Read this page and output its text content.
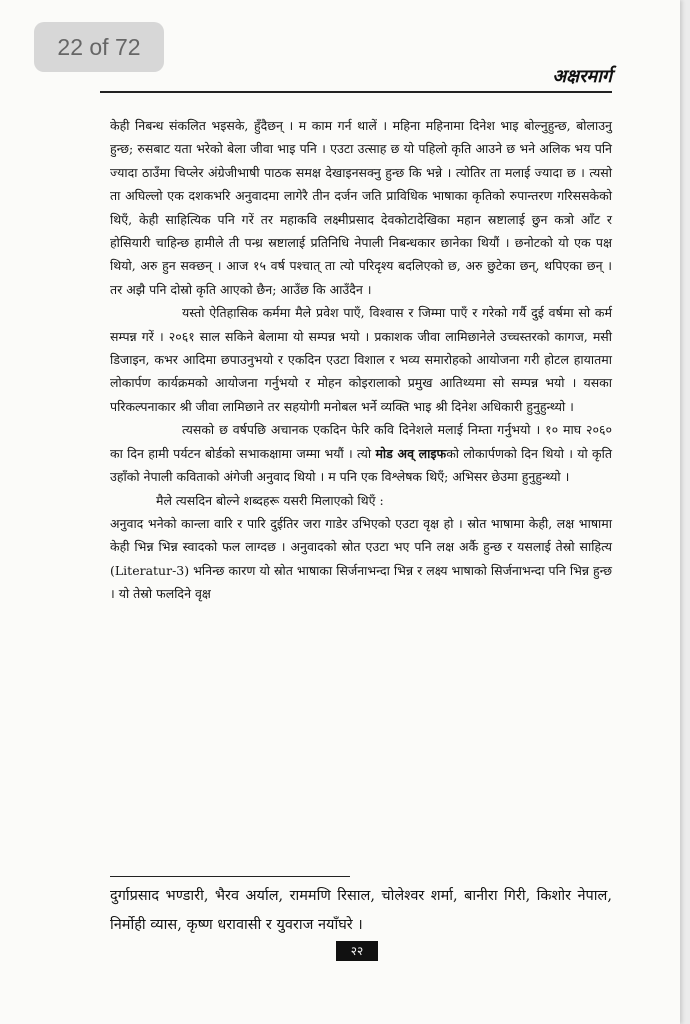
अक्षरमार्ग

केही निबन्ध संकलित भइसके, हुँदैछन् । म काम गर्न थालें । महिना महिनामा दिनेश भाइ बोल्नुहुन्छ, बोलाउनु हुन्छ; रुसबाट यता भरेको बेला जीवा भाइ पनि । एउटा उत्साह छ यो पहिलो कृति आउने छ भने अलिक भय पनि ज्यादा ठाउँमा चिप्लेर अंग्रेजीभाषी पाठक समक्ष देखाइनसक्नु हुन्छ कि भन्ने । त्योतिर ता मलाई ज्यादा छ । त्यसो ता अघिल्लो एक दशकभरि अनुवादमा लागेरै तीन दर्जन जति प्राविधिक भाषाका कृतिको रुपान्तरण गरिससकेको थिएँ, केही साहित्यिक पनि गरें तर महाकवि लक्ष्मीप्रसाद देवकोटादेखिका महान स्रष्टालाई छुन कत्रो आँट र होसियारी चाहिन्छ हामीले ती पन्ध्र स्रष्टालाई प्रतिनिधि नेपाली निबन्धकार छानेका थियौं । छनोटको यो एक पक्ष थियो, अरु हुन सक्छन् । आज १५ वर्ष पश्चात् ता त्यो परिदृश्य बदलिएको छ, अरु छुटेका छन्, थपिएका छन् । तर अझै पनि दोस्रो कृति आएको छैन; आउँछ कि आउँदैन ।

यस्तो ऐतिहासिक कर्ममा मैले प्रवेश पाएँ, विश्वास र जिम्मा पाएँ र गरेको गर्यै दुई वर्षमा सो कर्म सम्पन्न गरें । २०६१ साल सकिने बेलामा यो सम्पन्न भयो । प्रकाशक जीवा लामिछानेले उच्चस्तरको कागज, मसी डिजाइन, कभर आदिमा छपाउनुभयो र एकदिन एउटा विशाल र भव्य समारोहको आयोजना गरी होटल हायातमा लोकार्पण कार्यक्रमको आयोजना गर्नुभयो र मोहन कोइरालाको प्रमुख आतिथ्यमा सो सम्पन्न भयो । यसका परिकल्पनाकार श्री जीवा लामिछाने तर सहयोगी मनोबल भर्ने व्यक्ति भाइ श्री दिनेश अधिकारी हुनुहुन्थ्यो ।

त्यसको छ वर्षपछि अचानक एकदिन फेरि कवि दिनेशले मलाई निम्ता गर्नुभयो । १० माघ २०६० का दिन हामी पर्यटन बोर्डको सभाकक्षामा जम्मा भयौं । त्यो मोड अव् लाइफको लोकार्पणको दिन थियो । यो कृति उहाँको नेपाली कविताको अंगेजी अनुवाद थियो । म पनि एक विश्लेषक थिएँ; अभिसर छेउमा हुनुहुन्थ्यो ।

मैले त्यसदिन बोल्ने शब्दहरू यसरी मिलाएको थिएँ :

अनुवाद भनेको कान्ला वारि र पारि दुईतिर जरा गाडेर उभिएको एउटा वृक्ष हो । स्रोत भाषामा केही, लक्ष भाषामा केही भिन्न भिन्न स्वादको फल लाग्दछ । अनुवादको स्रोत एउटा भए पनि लक्ष अर्कै हुन्छ र यसलाई तेस्रो साहित्य (Literatur-3) भनिन्छ कारण यो स्रोत भाषाका सिर्जनाभन्दा भिन्न र लक्ष्य भाषाको सिर्जनाभन्दा पनि भिन्न हुन्छ । यो तेस्रो फलदिने वृक्ष

दुर्गाप्रसाद भण्डारी, भैरव अर्याल, राममणि रिसाल, चोलेश्वर शर्मा, बानीरा गिरी, किशोर नेपाल, निर्मोही व्यास, कृष्ण धरावासी र युवराज नयाँघरे ।
२२
22 of 72
